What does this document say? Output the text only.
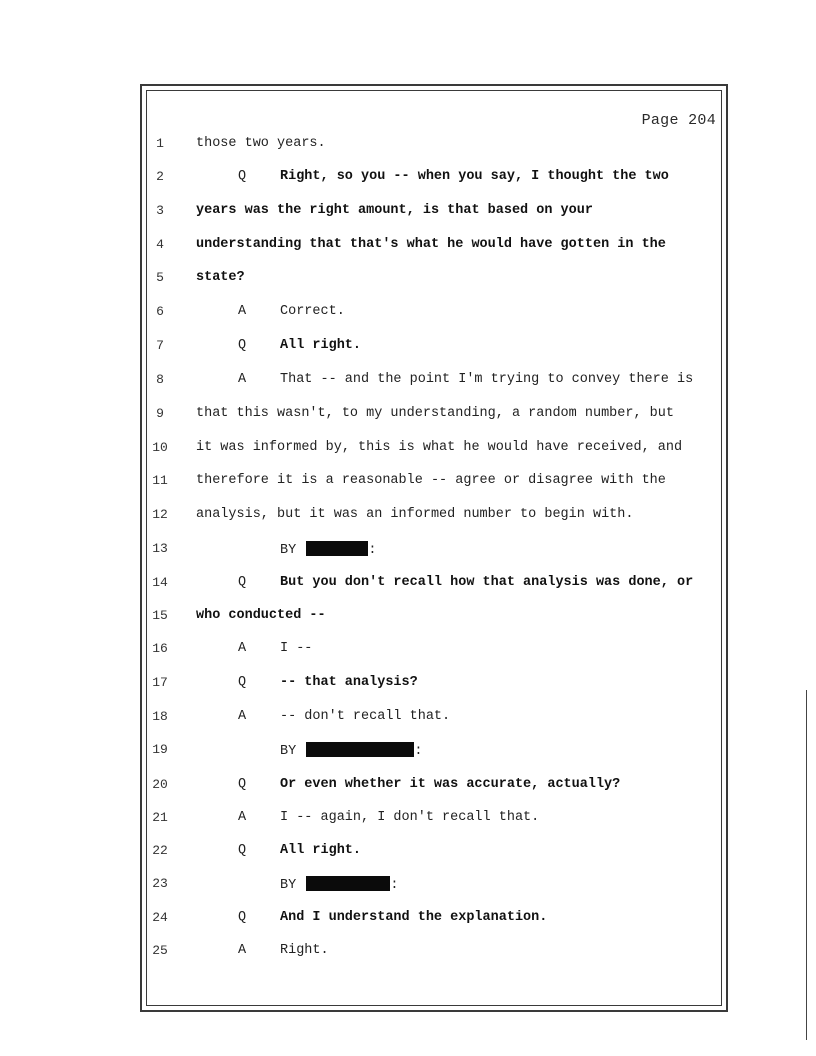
Page 204
1	those two years.
2	Q	Right, so you -- when you say, I thought the two
3	years was the right amount, is that based on your
4	understanding that that's what he would have gotten in the
5	state?
6	A	Correct.
7	Q	All right.
8	A	That -- and the point I'm trying to convey there is
9	that this wasn't, to my understanding, a random number, but
10	it was informed by, this is what he would have received, and
11	therefore it is a reasonable -- agree or disagree with the
12	analysis, but it was an informed number to begin with.
13	BY	:
14	Q	But you don't recall how that analysis was done, or
15	who conducted --
16	A	I --
17	Q	-- that analysis?
18	A	-- don't recall that.
19	BY	:
20	Q	Or even whether it was accurate, actually?
21	A	I -- again, I don't recall that.
22	Q	All right.
23	BY	:
24	Q	And I understand the explanation.
25	A	Right.
